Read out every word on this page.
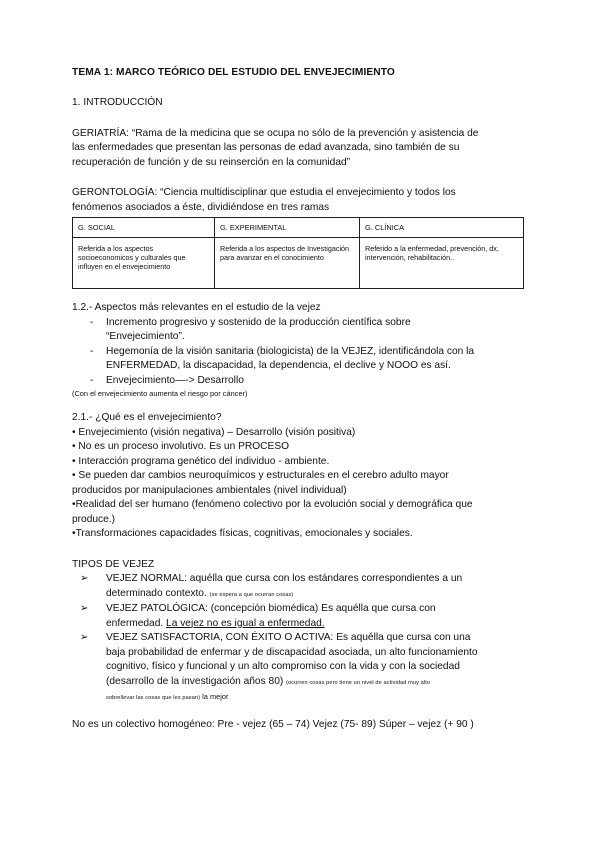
TEMA 1: MARCO TEÓRICO DEL ESTUDIO DEL ENVEJECIMIENTO

1. INTRODUCCIÓN

GERIATRÍA: “Rama de la medicina que se ocupa no sólo de la prevención y asistencia de

las enfermedades que presentan las personas de edad avanzada, sino también de su

recuperación de función y de su reinserción en la comunidad”

GERONTOLOGÍA: “Ciencia multidisciplinar que estudia el envejecimiento y todos los

fenómenos asociados a éste, dividiéndose en tres ramas

G. SOCIAL	G. EXPERIMENTAL	G. CLÍNICA
Referida a los aspectos socioeconomicos y culturales que influyen en el envejecimiento	Referida a los aspectos de Investigación para avanzar en el conocimiento	Referido a la enfermedad, prevención, dx, intervención, rehabilitación..

1.2.- Aspectos más relevantes en el estudio de la vejez

- Incremento progresivo y sostenido de la producción científica sobre
“Envejecimiento”.
- Hegemonía de la visión sanitaria (biologicista) de la VEJEZ, identificándola con la
ENFERMEDAD, la discapacidad, la dependencia, el declive y NOOO es así.
- Envejecimiento—-> Desarrollo

(Con el envejecimiento aumenta el riesgo por cáncer)

2.1.- ¿Qué es el envejecimiento?

• Envejecimiento (visión negativa) – Desarrollo (visión positiva)

• No es un proceso involutivo. Es un PROCESO

• Interacción programa genético del individuo - ambiente.

• Se pueden dar cambios neuroquímicos y estructurales en el cerebro adulto mayor

producidos por manipulaciones ambientales (nivel individual)

•Realidad del ser humano (fenómeno colectivo por la evolución social y demográfica que

produce.)

•Transformaciones capacidades físicas, cognitivas, emocionales y sociales.

TIPOS DE VEJEZ

➢ VEJEZ NORMAL: aquélla que cursa con los estándares correspondientes a un
determinado contexto. (se espera a que ocurran cosas)
➢ VEJEZ PATOLÓGICA: (concepción biomédica) Es aquélla que cursa con
enfermedad. La vejez no es igual a enfermedad.
➢ VEJEZ SATISFACTORIA, CON ÉXITO O ACTIVA: Es aquélla que cursa con una
baja probabilidad de enfermar y de discapacidad asociada, un alto funcionamiento
cognitivo, físico y funcional y un alto compromiso con la vida y con la sociedad
(desarrollo de la investigación años 80) (ocurren cosas pero tiene un nivel de actividad muy alto
sobrellevar las cosas que les pasan) la mejor

No es un colectivo homogéneo: Pre - vejez (65 – 74) Vejez (75- 89) Súper – vejez (+ 90 )
